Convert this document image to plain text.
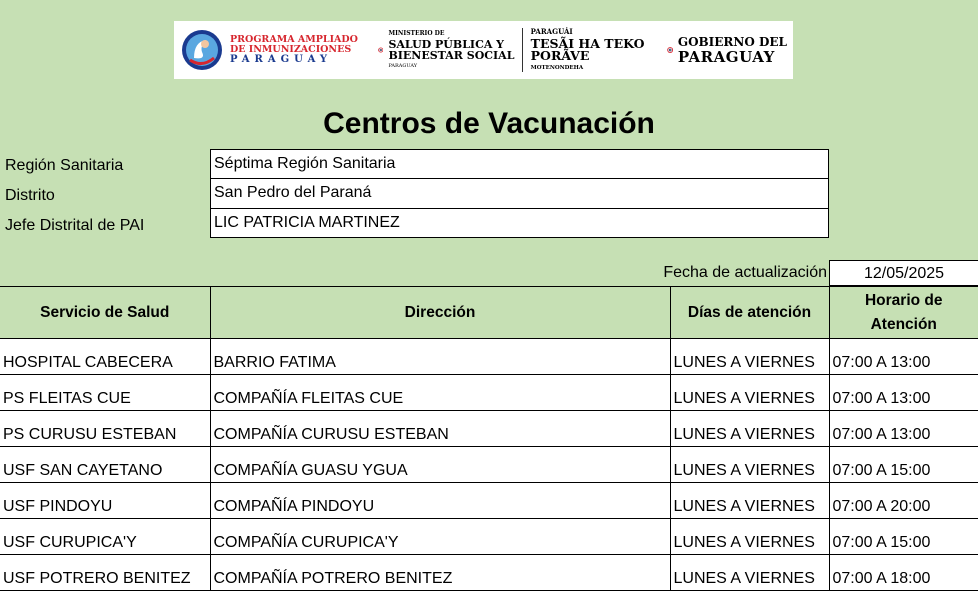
PROGRAMA AMPLIADO
DE INMUNIZACIONES
PARAGUAY
MINISTERIO DE
SALUD PÚBLICA Y
BIENESTAR SOCIAL
PARAGUAY
PARAGUÁI
TESÃI HA TEKO
PORÃVE
MOTENONDEHA
GOBIERNO DEL
PARAGUAY
Centros de Vacunación
Región Sanitaria	Séptima Región Sanitaria
Distrito	San Pedro del Paraná
Jefe Distrital de PAI	LIC PATRICIA MARTINEZ
Fecha de actualización	12/05/2025
Servicio de Salud	Dirección	Días de atención	Horario de
Atención
HOSPITAL CABECERA	BARRIO FATIMA	LUNES A VIERNES	07:00 A 13:00
PS FLEITAS CUE	COMPAÑÍA FLEITAS CUE	LUNES A VIERNES	07:00 A 13:00
PS CURUSU ESTEBAN	COMPAÑÍA CURUSU ESTEBAN	LUNES A VIERNES	07:00 A 13:00
USF SAN CAYETANO	COMPAÑÍA GUASU YGUA	LUNES A VIERNES	07:00 A 15:00
USF PINDOYU	COMPAÑÍA PINDOYU	LUNES A VIERNES	07:00 A 20:00
USF CURUPICA'Y	COMPAÑÍA CURUPICA'Y	LUNES A VIERNES	07:00 A 15:00
USF POTRERO BENITEZ	COMPAÑÍA POTRERO BENITEZ	LUNES A VIERNES	07:00 A 18:00
